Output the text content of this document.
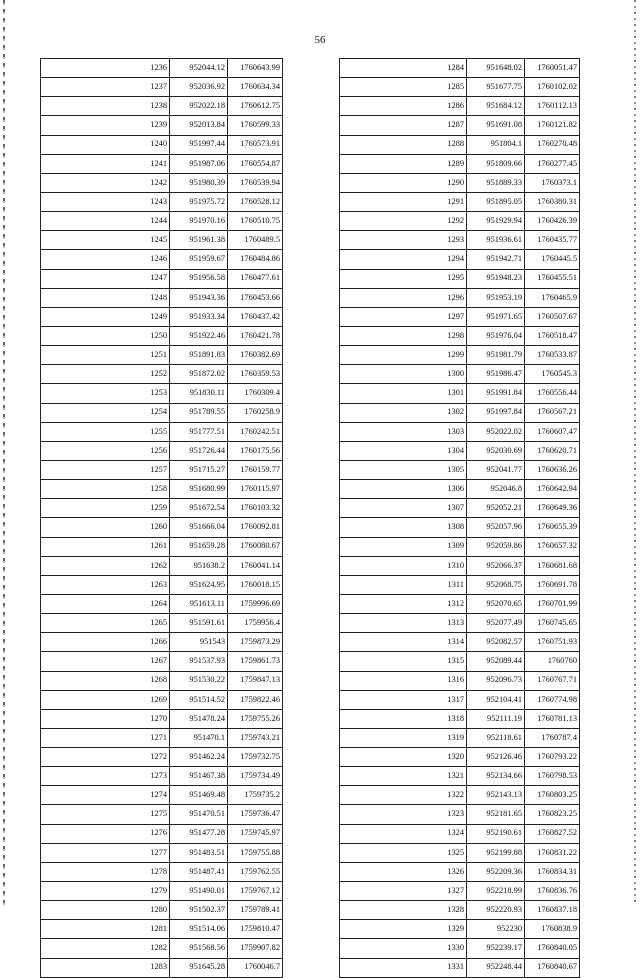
56
1236	952044.12	1760643.99
1237	952036.92	1760634.34
1238	952022.18	1760612.75
1239	952013.84	1760599.33
1240	951997.44	1760573.91
1241	951987.06	1760554.87
1242	951980.39	1760539.94
1243	951975.72	1760528.12
1244	951970.16	1760510.75
1245	951961.38	1760489.5
1246	951959.67	1760484.86
1247	951956.58	1760477.61
1248	951943.36	1760453.66
1249	951933.34	1760437.42
1250	951922.46	1760421.78
1251	951891.83	1760382.69
1252	951872.02	1760359.53
1253	951830.11	1760309.4
1254	951789.55	1760258.9
1255	951777.51	1760242.51
1256	951726.44	1760175.56
1257	951715.27	1760159.77
1258	951680.99	1760115.97
1259	951672.54	1760103.32
1260	951666.04	1760092.81
1261	951659.28	1760080.67
1262	951638.2	1760041.14
1263	951624.95	1760018.15
1264	951613.11	1759996.69
1265	951591.61	1759956.4
1266	951543	1759873.29
1267	951537.93	1759861.73
1268	951530.22	1759847.13
1269	951514.52	1759822.46
1270	951478.24	1759755.26
1271	951470.1	1759743.21
1272	951462.24	1759732.75
1273	951467.38	1759734.49
1274	951469.48	1759735.2
1275	951470.51	1759736.47
1276	951477.28	1759745.97
1277	951483.51	1759755.88
1278	951487.41	1759762.55
1279	951490.01	1759767.12
1280	951502.37	1759789.41
1281	951514.06	1759810.47
1282	951568.56	1759907.82
1283	951645.28	1760046.7
1284	951648.02	1760051.47
1285	951677.75	1760102.02
1286	951684.12	1760112.13
1287	951691.08	1760121.82
1288	951804.1	1760270.48
1289	951809.66	1760277.45
1290	951889.33	1760373.1
1291	951895.05	1760380.31
1292	951929.94	1760426.39
1293	951936.61	1760435.77
1294	951942.71	1760445.5
1295	951948.23	1760455.51
1296	951953.19	1760465.9
1297	951971.65	1760507.67
1298	951976.04	1760518.47
1299	951981.79	1760533.87
1300	951986.47	1760545.3
1301	951991.84	1760556.44
1302	951997.84	1760567.21
1303	952022.02	1760607.47
1304	952030.69	1760620.71
1305	952041.77	1760636.26
1306	952046.8	1760642.94
1307	952052.21	1760649.36
1308	952057.96	1760655.39
1309	952059.86	1760657.32
1310	952066.37	1760681.68
1311	952068.75	1760691.78
1312	952070.65	1760701.99
1313	952077.49	1760745.65
1314	952082.57	1760751.93
1315	952089.44	1760760
1316	952096.73	1760767.71
1317	952104.41	1760774.98
1318	952111.19	1760781.13
1319	952118.61	1760787.4
1320	952126.46	1760793.22
1321	952134.66	1760798.53
1322	952143.13	1760803.25
1323	952181.65	1760823.25
1324	952190.61	1760827.52
1325	952199.88	1760831.22
1326	952209.36	1760834.31
1327	952218.99	1760836.76
1328	952220.93	1760837.18
1329	952230	1760838.9
1330	952239.17	1760840.05
1331	952248.44	1760840.67
